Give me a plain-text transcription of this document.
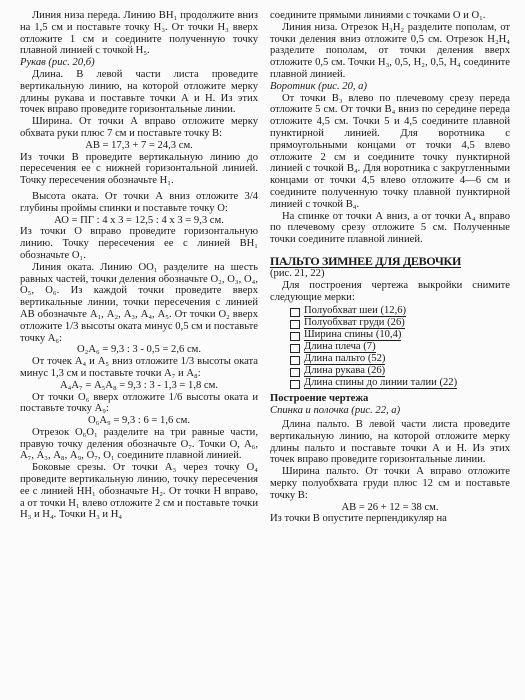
Линия низа переда. Линию ВН₁ продолжите вниз на 1,5 см и поставьте точку Н₃. От точки Н₃ вверх отложите 1 см и соедините полученную точку плавной линией с точкой Н₅.

Рукав (рис. 20,б)

Длина. В левой части листа проведите вертикальную линию, на которой отложите мерку длины рукава и поставьте точки А и Н. Из этих точек вправо проведите горизонтальные линии.

Ширина. От точки А вправо отложите мерку обхвата руки плюс 7 см и поставьте точку В:

АВ = 17,3 + 7 = 24,3 см.

Из точки В проведите вертикальную линию до пересечения ее с нижней горизонтальной линией. Точку пересечения обозначьте Н₁.

Высота оката. От точки А вниз отложите 3/4 глубины проймы спинки и поставьте точку О:

АО = ПГ : 4 x 3 = 12,5 : 4 x 3 = 9,3 см.

Из точки О вправо проведите горизонтальную линию. Точку пересечения ее с линией ВН₁ обозначьте О₁.

Линия оката. Линию ОО₁ разделите на шесть равных частей, точки деления обозначьте О₂, О₃, О₄, О₅, О₆. Из каждой точки проведите вверх вертикальные линии, точки пересечения с линией АВ обозначьте А₁, А₂, А₃, А₄, А₅. От точки О₂ вверх отложите 1/3 высоты оката минус 0,5 см и поставьте точку А₆:

О₂А₆ = 9,3 : 3 - 0,5 = 2,6 см.

От точек А₄ и А₅ вниз отложите 1/3 высоты оката минус 1,3 см и поставьте точки А₇ и А₈:

А₄А₇ = А₅А₈ = 9,3 : 3 - 1,3 = 1,8 см.

От точки О₆ вверх отложите 1/6 высоты оката и поставьте точку А₉:

О₆А₉ = 9,3 : 6 = 1,6 см.

Отрезок О₆О₁ разделите на три равные части, правую точку деления обозначьте О₇. Точки О, А₆, А₇, А₃, А₈, А₉, О₇, О₁ соедините плавной линией.

Боковые срезы. От точки А₃ через точку О₄ проведите вертикальную линию, точку пересечения ее с линией НН₁ обозначьте Н₂. От точки Н вправо, а от точки Н₁ влево отложите 2 см и поставьте точки Н₃ и Н₄. Точки Н₃ и Н₄

соедините прямыми линиями с точками О и О₁.

Линия низа. Отрезок Н₃Н₂ разделите пополам, от точки деления вниз отложите 0,5 см. Отрезок Н₂Н₄ разделите пополам, от точки деления вверх отложите 0,5 см. Точки Н₃, 0,5, Н₂, 0,5, Н₄ соедините плавной линией.

Воротник (рис. 20, а)

От точки В₃ влево по плечевому срезу переда отложите 5 см. От точки В₄ вниз по середине переда отложите 4,5 см. Точки 5 и 4,5 соедините плавной пунктирной линией. Для воротника с прямоугольными концами от точки 4,5 влево отложите 2 см и соедините точку пунктирной линией с точкой В₄. Для воротника с закругленными концами от точки 4,5 влево отложите 4—6 см и соедините полученную точку плавной пунктирной линией с точкой В₄.

На спинке от точки А вниз, а от точки А₄ вправо по плечевому срезу отложите 5 см. Полученные точки соедините плавной линией.

ПАЛЬТО ЗИМНЕЕ ДЛЯ ДЕВОЧКИ

(рис. 21, 22)

Для построения чертежа выкройки снимите следующие мерки:

Полуобхват шеи (12,6)
Полуобхват груди (26)
Ширина спины (10,4)
Длина плеча (7)
Длина пальто (52)
Длина рукава (26)
Длина спины до линии талии (22)

Построение чертежа

Спинка и полочка (рис. 22, а)

Длина пальто. В левой части листа проведите вертикальную линию, на которой отложите мерку длины пальто и поставьте точки А и Н. Из этих точек вправо проведите горизонтальные линии.

Ширина пальто. От точки А вправо отложите мерку полуобхвата груди плюс 12 см и поставьте точку В:

АВ = 26 + 12 = 38 см.

Из точки В опустите перпендикуляр на
